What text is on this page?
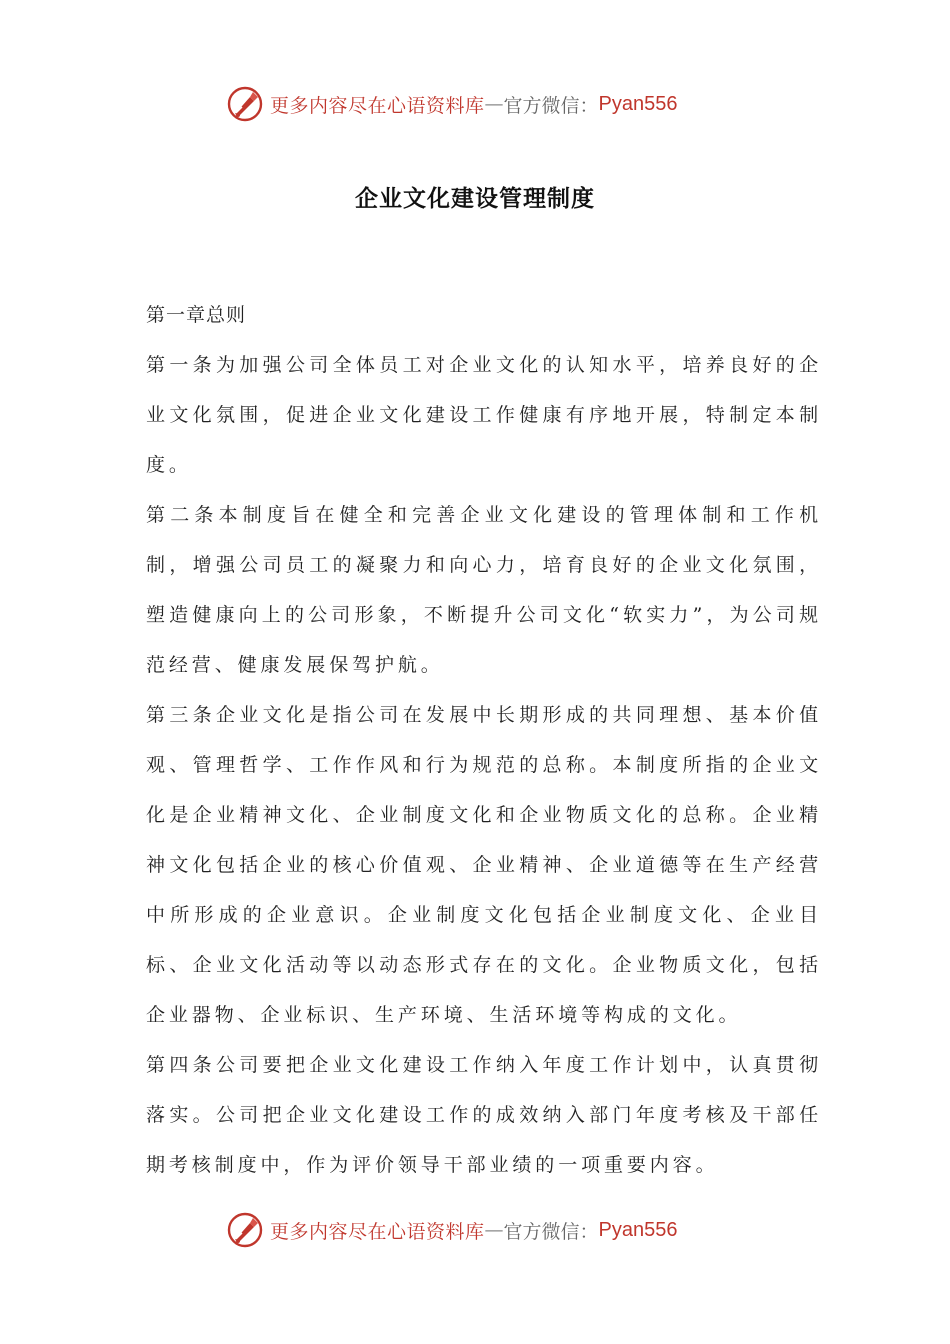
更多内容尽在心语资料库 — 官方微信： Pyan556
企业文化建设管理制度

第一章总则

第一条为加强公司全体员工对企业文化的认知水平，培养良好的企业文化氛围，促进企业文化建设工作健康有序地开展，特制定本制度。

第二条本制度旨在健全和完善企业文化建设的管理体制和工作机制，增强公司员工的凝聚力和向心力，培育良好的企业文化氛围，塑造健康向上的公司形象，不断提升公司文化“软实力”，为公司规范经营、健康发展保驾护航。

第三条企业文化是指公司在发展中长期形成的共同理想、基本价值观、管理哲学、工作作风和行为规范的总称。本制度所指的企业文化是企业精神文化、企业制度文化和企业物质文化的总称。企业精神文化包括企业的核心价值观、企业精神、企业道德等在生产经营中所形成的企业意识。企业制度文化包括企业制度文化、企业目标、企业文化活动等以动态形式存在的文化。企业物质文化，包括企业器物、企业标识、生产环境、生活环境等构成的文化。

第四条公司要把企业文化建设工作纳入年度工作计划中，认真贯彻落实。公司把企业文化建设工作的成效纳入部门年度考核及干部任期考核制度中，作为评价领导干部业绩的一项重要内容。

更多内容尽在心语资料库 — 官方微信： Pyan556
